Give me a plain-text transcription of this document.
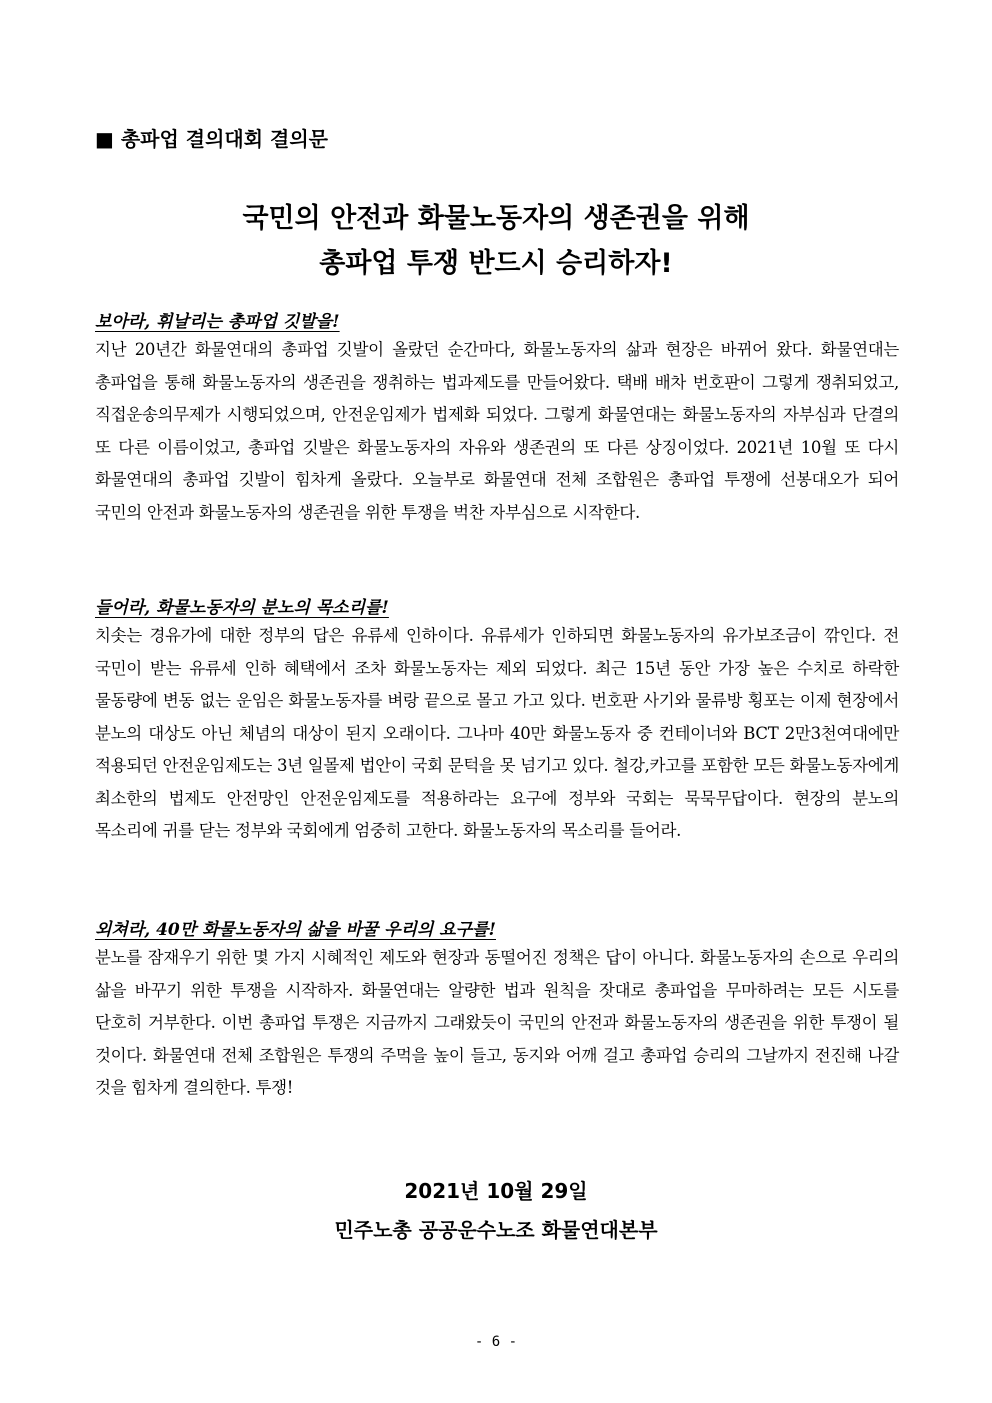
■ 총파업 결의대회 결의문
국민의 안전과 화물노동자의 생존권을 위해
총파업 투쟁 반드시 승리하자!

보아라, 휘날리는 총파업 깃발을!

지난 20년간 화물연대의 총파업 깃발이 올랐던 순간마다, 화물노동자의 삶과 현장은 바뀌어 왔다. 화물연대는 총파업을 통해 화물노동자의 생존권을 쟁취하는 법과제도를 만들어왔다. 택배 배차 번호판이 그렇게 쟁취되었고, 직접운송의무제가 시행되었으며, 안전운임제가 법제화 되었다. 그렇게 화물연대는 화물노동자의 자부심과 단결의 또 다른 이름이었고, 총파업 깃발은 화물노동자의 자유와 생존권의 또 다른 상징이었다. 2021년 10월 또 다시 화물연대의 총파업 깃발이 힘차게 올랐다. 오늘부로 화물연대 전체 조합원은 총파업 투쟁에 선봉대오가 되어 국민의 안전과 화물노동자의 생존권을 위한 투쟁을 벅찬 자부심으로 시작한다.

들어라, 화물노동자의 분노의 목소리를!

치솟는 경유가에 대한 정부의 답은 유류세 인하이다. 유류세가 인하되면 화물노동자의 유가보조금이 깎인다. 전 국민이 받는 유류세 인하 혜택에서 조차 화물노동자는 제외 되었다. 최근 15년 동안 가장 높은 수치로 하락한 물동량에 변동 없는 운임은 화물노동자를 벼랑 끝으로 몰고 가고 있다. 번호판 사기와 물류방 횡포는 이제 현장에서 분노의 대상도 아닌 체념의 대상이 된지 오래이다. 그나마 40만 화물노동자 중 컨테이너와 BCT 2만3천여대에만 적용되던 안전운임제도는 3년 일몰제 법안이 국회 문턱을 못 넘기고 있다. 철강,카고를 포함한 모든 화물노동자에게 최소한의 법제도 안전망인 안전운임제도를 적용하라는 요구에 정부와 국회는 묵묵무답이다. 현장의 분노의 목소리에 귀를 닫는 정부와 국회에게 엄중히 고한다. 화물노동자의 목소리를 들어라.

외쳐라, 40만 화물노동자의 삶을 바꿀 우리의 요구를!

분노를 잠재우기 위한 몇 가지 시혜적인 제도와 현장과 동떨어진 정책은 답이 아니다. 화물노동자의 손으로 우리의 삶을 바꾸기 위한 투쟁을 시작하자. 화물연대는 알량한 법과 원칙을 잣대로 총파업을 무마하려는 모든 시도를 단호히 거부한다. 이번 총파업 투쟁은 지금까지 그래왔듯이 국민의 안전과 화물노동자의 생존권을 위한 투쟁이 될 것이다. 화물연대 전체 조합원은 투쟁의 주먹을 높이 들고, 동지와 어깨 걸고 총파업 승리의 그날까지 전진해 나갈 것을 힘차게 결의한다. 투쟁!

2021년 10월 29일
민주노총 공공운수노조 화물연대본부
- 6 -
